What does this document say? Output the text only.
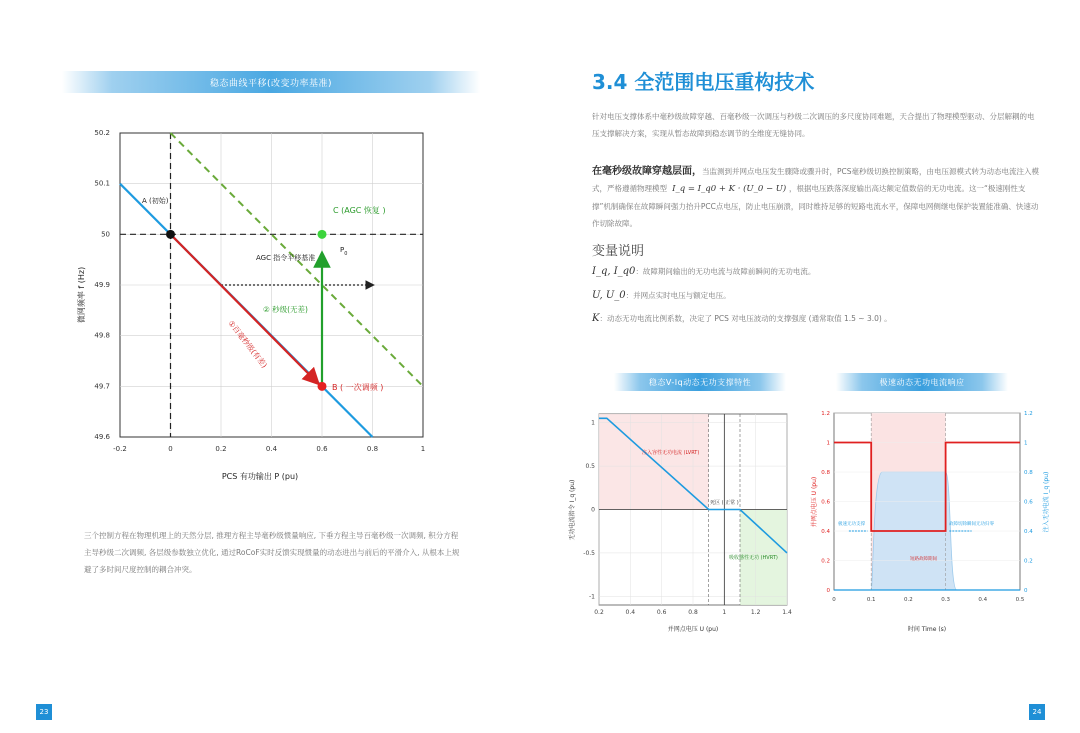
稳态曲线平移(改变功率基准)
-0.2	0	0.2	0.4	0.6	0.8	1
50.2
50.1
50
49.9
49.8
49.7
49.6
微网频率 f (Hz)
PCS 有功输出 P (pu)
A (初始)
C (AGC 恢复 )
$P_0$
AGC 指令平移基准
② 秒级(无差)
①百毫秒级(有差)
B ( 一次调频 )
三个控制方程在物理机理上的天然分层, 推理方程主导毫秒级惯量响应, 下垂方程主导百毫秒级一次调频, 积分方程主导秒级二次调频, 各层级参数独立优化, 通过RoCoF实时反馈实现惯量的动态进出与前后的平滑介入, 从根本上规避了多时间尺度控制的耦合冲突。
23
3.4 全范围电压重构技术
针对电压支撑体系中毫秒级故障穿越、百毫秒级一次调压与秒级二次调压的多尺度协同难题，天合提出了物理模型驱动、分层解耦的电压支撑解决方案，实现从暂态故障到稳态调节的全维度无缝协同。
在毫秒级故障穿越层面，当监测到并网点电压发生骤降或骤升时，PCS毫秒级切换控制策略，由电压源模式转为动态电流注入模式，严格遵循物理模型 I_q = I_q0 + K · (U_0 − U) ，根据电压跌落深度输出高达额定值数倍的无功电流。这一“极速刚性支撑”机制确保在故障瞬间强力抬升PCC点电压，防止电压崩溃，同时维持足够的短路电流水平，保障电网侧继电保护装置能准确、快速动作切除故障。
变量说明
I_q, I_q0：故障期间输出的无功电流与故障前瞬间的无功电流。
U, U_0：并网点实时电压与额定电压。
K：动态无功电流比例系数，决定了 PCS 对电压波动的支撑强度 (通常取值 1.5 ~ 3.0) 。
稳态V-Iq动态无功支撑特性	极速动态无功电流响应
0.2	0.4	0.6	0.8	1	1.2	1.4
1
0.5
0
-0.5
-1
无功电流指令 I_q (pu)
并网点电压 U (pu)
注入容性无功电流 (LVRT)
死区 ( 正常 )
吸收感性无功 (HVRT)
0	0.1	0.2	0.3	0.4	0.5
1.2	1.2
1	1
0.8	0.8
0.6	0.6
0.4	0.4
0.2	0.2
0	0
并网点电压 U (pu)	注入无功电流 I_q (pu)
时间 Time (s)
极速无功支撑	故障切除瞬间无功归零
短路故障期间
24
